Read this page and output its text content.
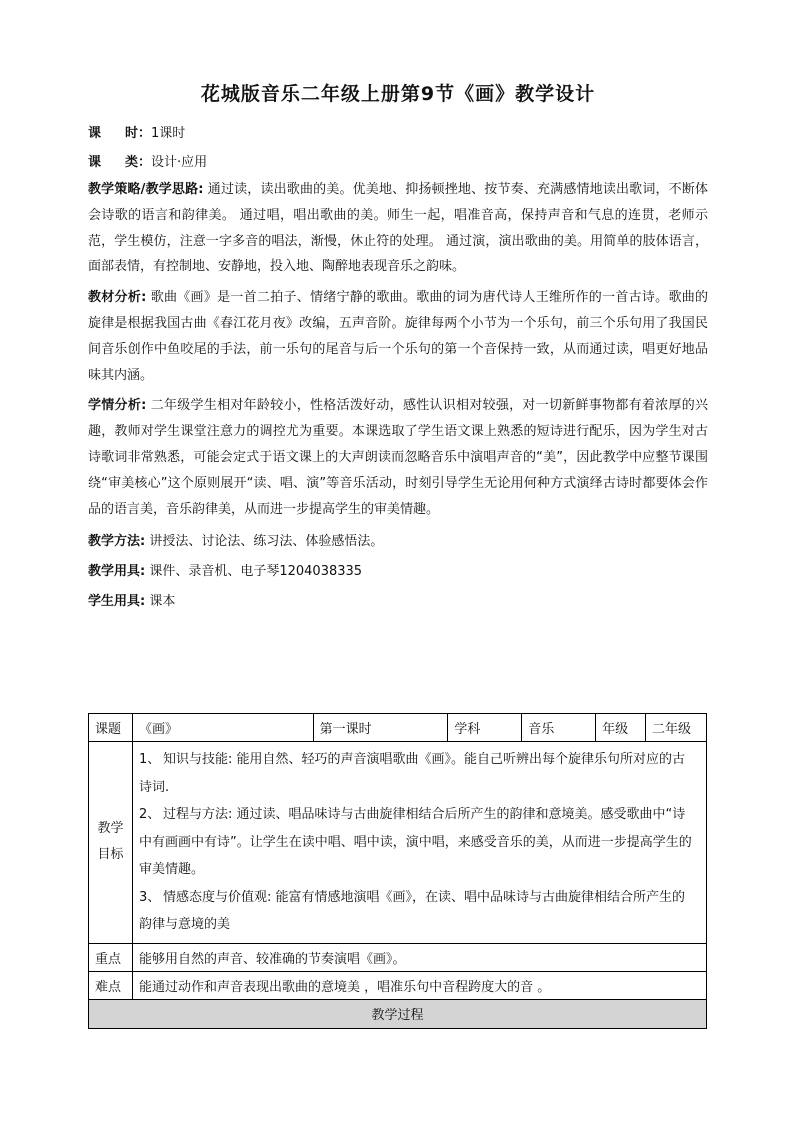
花城版音乐二年级上册第9节《画》教学设计
课 时：1课时
课 类：设计·应用

教学策略/教学思路: 通过读，读出歌曲的美。优美地、抑扬顿挫地、按节奏、充满感情地读出歌词，不断体会诗歌的语言和韵律美。 通过唱，唱出歌曲的美。师生一起，唱准音高，保持声音和气息的连贯，老师示范，学生模仿，注意一字多音的唱法，渐慢，休止符的处理。 通过演，演出歌曲的美。用简单的肢体语言，面部表情，有控制地、安静地，投入地、陶醉地表现音乐之韵味。

教材分析: 歌曲《画》是一首二拍子、情绪宁静的歌曲。歌曲的词为唐代诗人王维所作的一首古诗。歌曲的旋律是根据我国古曲《春江花月夜》改编，五声音阶。旋律每两个小节为一个乐句，前三个乐句用了我国民间音乐创作中鱼咬尾的手法，前一乐句的尾音与后一个乐句的第一个音保持一致，从而通过读，唱更好地品味其内涵。

学情分析: 二年级学生相对年龄较小，性格活泼好动，感性认识相对较强，对一切新鲜事物都有着浓厚的兴趣，教师对学生课堂注意力的调控尤为重要。本课选取了学生语文课上熟悉的短诗进行配乐，因为学生对古诗歌词非常熟悉，可能会定式于语文课上的大声朗读而忽略音乐中演唱声音的“美”，因此教学中应整节课围绕“审美核心”这个原则展开“读、唱、演”等音乐活动，时刻引导学生无论用何种方式演绎古诗时都要体会作品的语言美，音乐韵律美，从而进一步提高学生的审美情趣。

教学方法: 讲授法、讨论法、练习法、体验感悟法。
教学用具: 课件、录音机、电子琴1204038335
学生用具: 课本
课题	《画》	第一课时	学科	音乐	年级	二年级
教学目标	1、 知识与技能: 能用自然、轻巧的声音演唱歌曲《画》。能自己听辨出每个旋律乐句所对应的古诗词.
2、 过程与方法: 通过读、唱品味诗与古曲旋律相结合后所产生的韵律和意境美。感受歌曲中“诗中有画画中有诗”。让学生在读中唱、唱中读，演中唱，来感受音乐的美，从而进一步提高学生的审美情趣。
3、 情感态度与价值观: 能富有情感地演唱《画》，在读、唱中品味诗与古曲旋律相结合所产生的韵律与意境的美					

重点	能够用自然的声音、较准确的节奏演唱《画》。					
难点	能通过动作和声音表现出歌曲的意境美 ，唱准乐句中音程跨度大的音 。					
教学过程						
